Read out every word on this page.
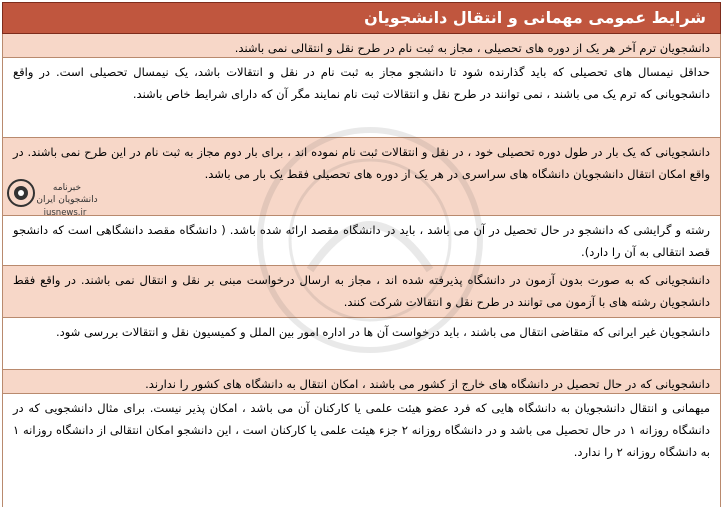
شرایط عمومی مهمانی و انتقال دانشجویان
دانشجویان ترم آخر هر یک از دوره های تحصیلی ، مجاز به ثبت نام در طرح نقل و انتقالی نمی باشند.
حداقل نیمسال های تحصیلی که باید گذارنده شود تا دانشجو مجاز به ثبت نام در نقل و انتقالات باشد، یک نیمسال تحصیلی است. در واقع دانشجویانی که ترم یک می باشند ، نمی توانند در طرح نقل و انتقالات ثبت نام نمایند مگر آن که دارای شرایط خاص باشند.
دانشجویانی که یک بار در طول دوره تحصیلی خود ، در نقل و انتقالات ثبت نام نموده اند ، برای بار دوم مجاز به ثبت نام در این طرح نمی باشند. در واقع امکان انتقال دانشجویان دانشگاه های سراسری در هر یک از دوره های تحصیلی فقط یک بار می باشد.
رشته و گرایشی که دانشجو در حال تحصیل در آن می باشد ، باید در دانشگاه مقصد ارائه شده باشد. ( دانشگاه مقصد دانشگاهی است که دانشجو قصد انتقالی به آن را دارد).
دانشجویانی که به صورت بدون آزمون در دانشگاه پذیرفته شده اند ، مجاز به ارسال درخواست مبنی بر نقل و انتقال نمی باشند. در واقع فقط دانشجویان رشته های با آزمون می توانند در طرح نقل و انتقالات شرکت کنند.
دانشجویان غیر ایرانی که متقاضی انتقال می باشند ، باید درخواست آن ها در اداره امور بین الملل و کمیسیون نقل و انتقالات بررسی شود.
دانشجویانی که در حال تحصیل در دانشگاه های خارج از کشور می باشند ، امکان انتقال به دانشگاه های کشور را ندارند.
میهمانی و انتقال دانشجویان به دانشگاه هایی که فرد عضو هیئت علمی یا کارکنان آن می باشد ، امکان پذیر نیست. برای مثال دانشجویی که در دانشگاه روزانه ۱ در حال تحصیل می باشد و در دانشگاه روزانه ۲ جزء هیئت علمی یا کارکنان است ، این دانشجو امکان انتقالی از دانشگاه روزانه ۱ به دانشگاه روزانه ۲ را ندارد.
خبرنامه دانشجویان ایران
iusnews.ir
